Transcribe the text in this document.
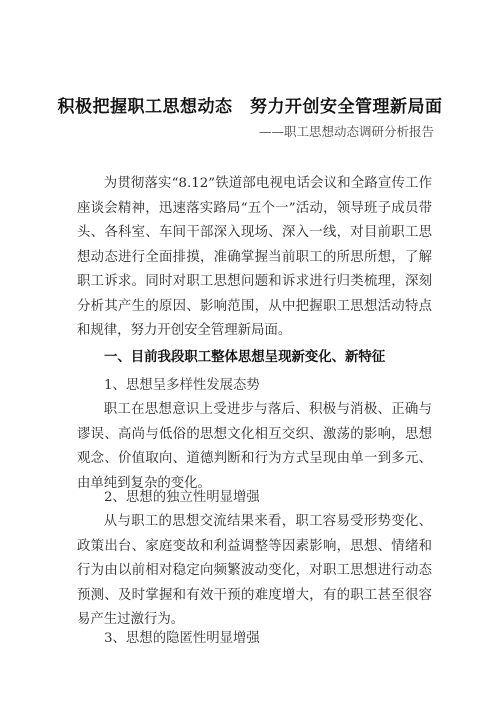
积极把握职工思想动态　努力开创安全管理新局面
——职工思想动态调研分析报告
为贯彻落实“8.12”铁道部电视电话会议和全路宣传工作座谈会精神，迅速落实路局“五个一”活动，领导班子成员带头、各科室、车间干部深入现场、深入一线，对目前职工思想动态进行全面排摸，准确掌握当前职工的所思所想，了解职工诉求。同时对职工思想问题和诉求进行归类梳理，深刻分析其产生的原因、影响范围，从中把握职工思想活动特点和规律，努力开创安全管理新局面。
一、目前我段职工整体思想呈现新变化、新特征
1、思想呈多样性发展态势
职工在思想意识上受进步与落后、积极与消极、正确与谬误、高尚与低俗的思想文化相互交织、激荡的影响，思想观念、价值取向、道德判断和行为方式呈现由单一到多元、由单纯到复杂的变化。
2、思想的独立性明显增强
从与职工的思想交流结果来看，职工容易受形势变化、政策出台、家庭变故和利益调整等因素影响，思想、情绪和行为由以前相对稳定向频繁波动变化，对职工思想进行动态预测、及时掌握和有效干预的难度增大，有的职工甚至很容易产生过激行为。
3、思想的隐匿性明显增强
